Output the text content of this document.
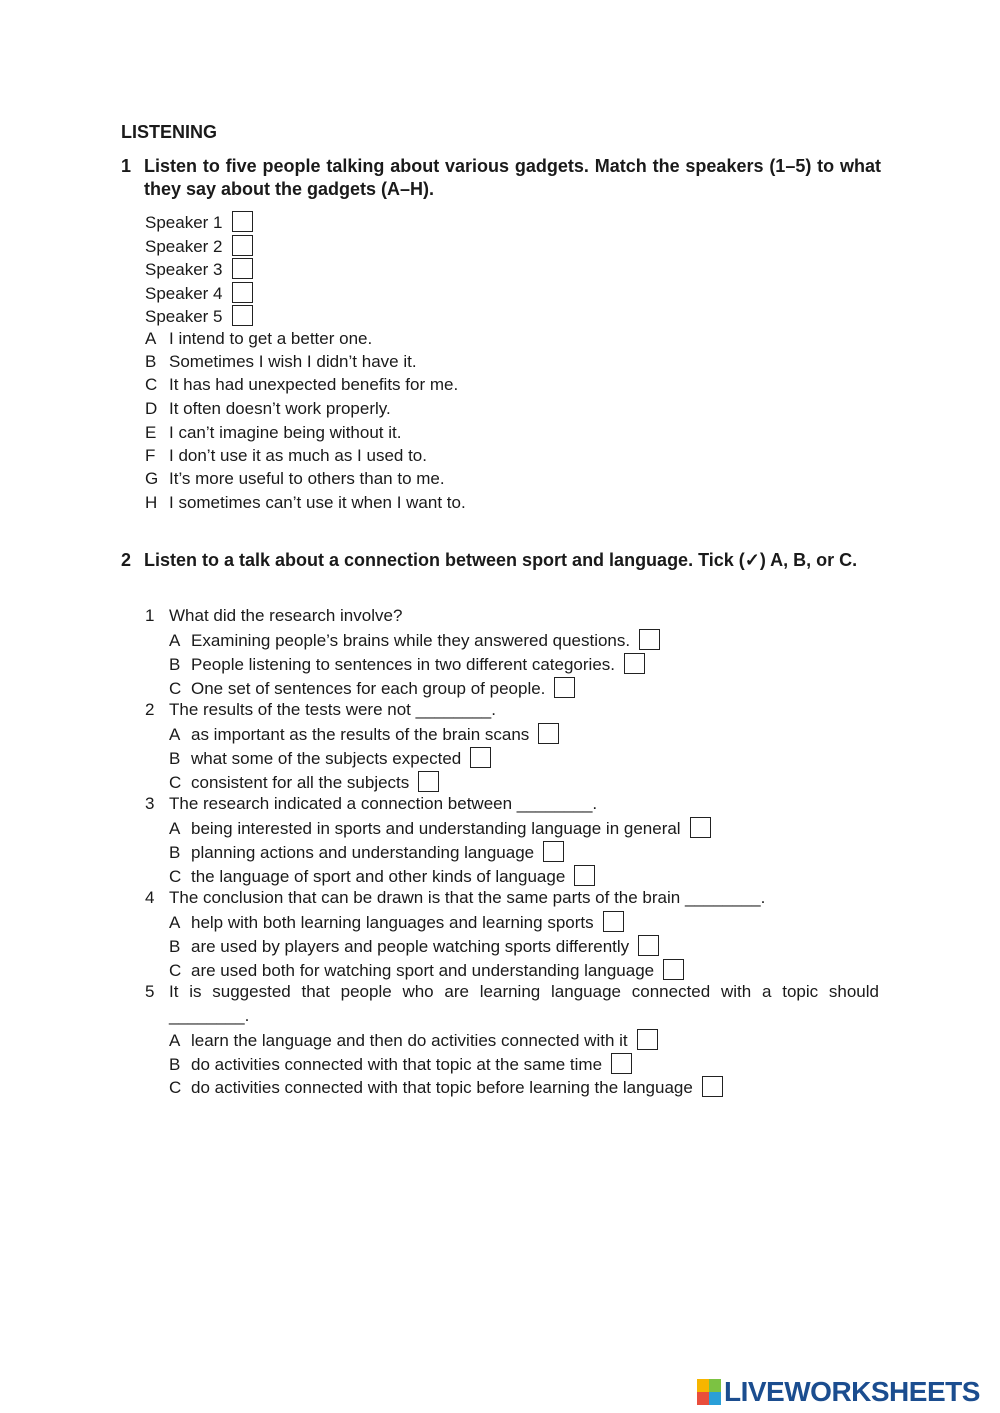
LISTENING
1 Listen to five people talking about various gadgets. Match the speakers (1–5) to what they say about the gadgets (A–H).
Speaker 1
Speaker 2
Speaker 3
Speaker 4
Speaker 5
A I intend to get a better one.
B Sometimes I wish I didn’t have it.
C It has had unexpected benefits for me.
D It often doesn’t work properly.
E I can’t imagine being without it.
F I don’t use it as much as I used to.
G It’s more useful to others than to me.
H I sometimes can’t use it when I want to.
2 Listen to a talk about a connection between sport and language. Tick (✓) A, B, or C.
1 What did the research involve?
A Examining people’s brains while they answered questions.
B People listening to sentences in two different categories.
C One set of sentences for each group of people.
2 The results of the tests were not ________.
A as important as the results of the brain scans
B what some of the subjects expected
C consistent for all the subjects
3 The research indicated a connection between ________.
A being interested in sports and understanding language in general
B planning actions and understanding language
C the language of sport and other kinds of language
4 The conclusion that can be drawn is that the same parts of the brain ________.
A help with both learning languages and learning sports
B are used by players and people watching sports differently
C are used both for watching sport and understanding language
5 It is suggested that people who are learning language connected with a topic should
________.
A learn the language and then do activities connected with it
B do activities connected with that topic at the same time
C do activities connected with that topic before learning the language
LIVEWORKSHEETS
